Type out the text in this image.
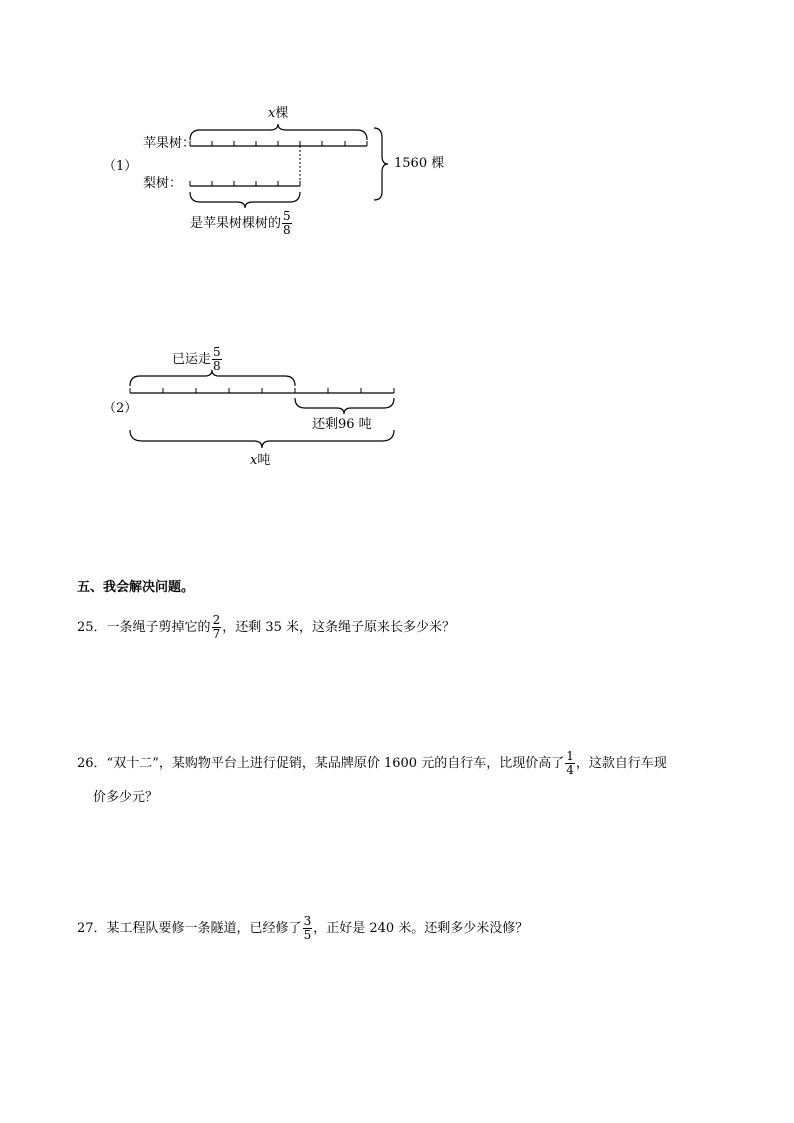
（1）
苹果树：
梨树：
x棵
1560 棵
是苹果树棵树的 $\frac{5}{8}$
（2）
已运走 $\frac{5}{8}$
还剩96 吨
x吨
五、我会解决问题。
25．一条绳子剪掉它的 $\frac{2}{7}$ ，还剩 35 米，这条绳子原来长多少米？
26．“双十二”，某购物平台上进行促销，某品牌原价 1600 元的自行车，比现价高了 $\frac{1}{4}$ ，这款自行车现
价多少元？
27．某工程队要修一条隧道，已经修了 $\frac{3}{5}$ ，正好是 240 米。还剩多少米没修？
